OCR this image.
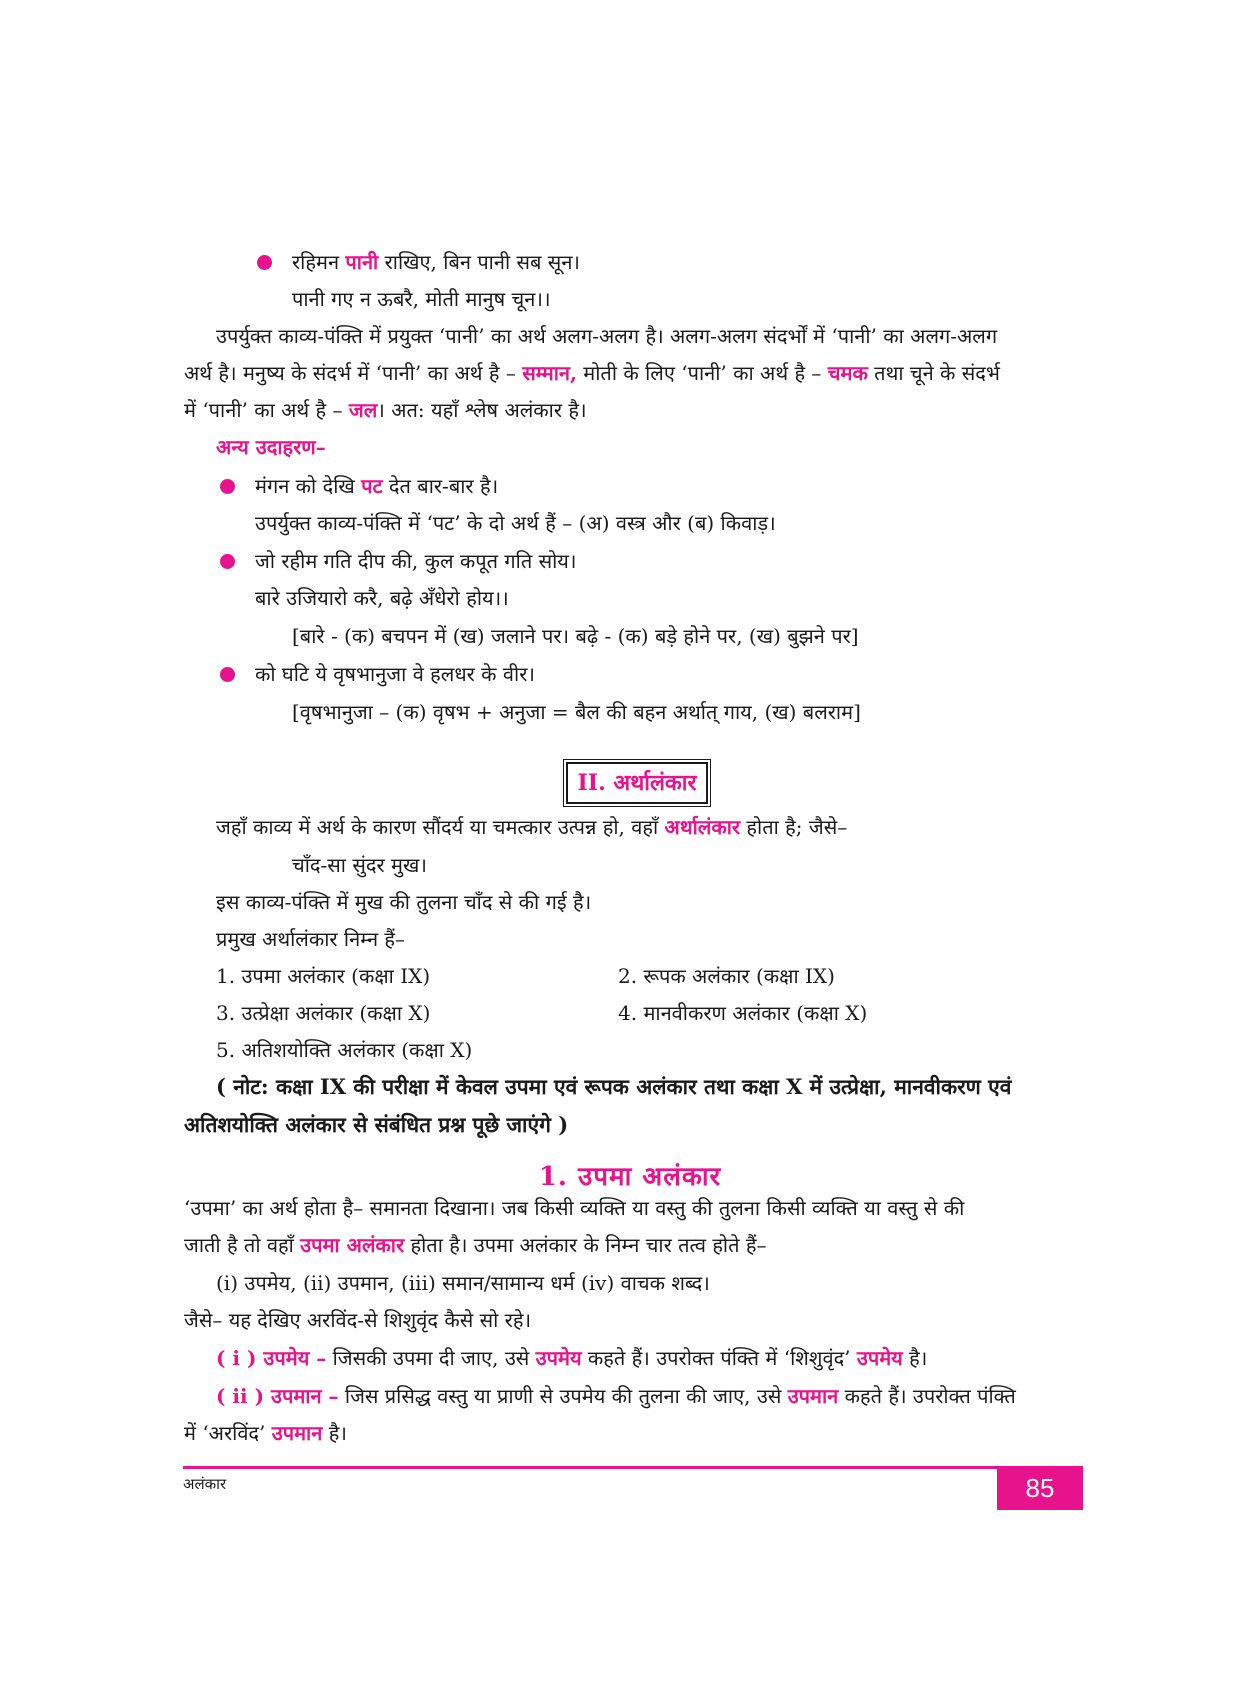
रहिमन पानी राखिए, बिन पानी सब सून।
पानी गए न ऊबरै, मोती मानुष चून।।
उपर्युक्त काव्य-पंक्ति में प्रयुक्त ‘पानी’ का अर्थ अलग-अलग है। अलग-अलग संदर्भों में ‘पानी’ का अलग-अलग
अर्थ है। मनुष्य के संदर्भ में ‘पानी’ का अर्थ है – सम्मान, मोती के लिए ‘पानी’ का अर्थ है – चमक तथा चूने के संदर्भ
में ‘पानी’ का अर्थ है – जल। अत: यहाँ श्लेष अलंकार है।
अन्य उदाहरण–
मंगन को देखि पट देत बार-बार है।
उपर्युक्त काव्य-पंक्ति में ‘पट’ के दो अर्थ हैं – (अ) वस्त्र और (ब) किवाड़।
जो रहीम गति दीप की, कुल कपूत गति सोय।
बारे उजियारो करै, बढ़े अँधेरो होय।।
[बारे - (क) बचपन में (ख) जलाने पर। बढ़े - (क) बड़े होने पर, (ख) बुझने पर]
को घटि ये वृषभानुजा वे हलधर के वीर।
[वृषभानुजा – (क) वृषभ + अनुजा = बैल की बहन अर्थात् गाय, (ख) बलराम]
II. अर्थालंकार
जहाँ काव्य में अर्थ के कारण सौंदर्य या चमत्कार उत्पन्न हो, वहाँ अर्थालंकार होता है; जैसे–
चाँद-सा सुंदर मुख।
इस काव्य-पंक्ति में मुख की तुलना चाँद से की गई है।
प्रमुख अर्थालंकार निम्न हैं–
1. उपमा अलंकार (कक्षा IX)	2. रूपक अलंकार (कक्षा IX)
3. उत्प्रेक्षा अलंकार (कक्षा X)	4. मानवीकरण अलंकार (कक्षा X)
5. अतिशयोक्ति अलंकार (कक्षा X)
( नोट: कक्षा IX की परीक्षा में केवल उपमा एवं रूपक अलंकार तथा कक्षा X में उत्प्रेक्षा, मानवीकरण एवं
अतिशयोक्ति अलंकार से संबंधित प्रश्न पूछे जाएंगे )
1. उपमा अलंकार
‘उपमा’ का अर्थ होता है– समानता दिखाना। जब किसी व्यक्ति या वस्तु की तुलना किसी व्यक्ति या वस्तु से की
जाती है तो वहाँ उपमा अलंकार होता है। उपमा अलंकार के निम्न चार तत्व होते हैं–
(i) उपमेय, (ii) उपमान, (iii) समान/सामान्य धर्म (iv) वाचक शब्द।
जैसे– यह देखिए अरविंद-से शिशुवृंद कैसे सो रहे।
( i ) उपमेय – जिसकी उपमा दी जाए, उसे उपमेय कहते हैं। उपरोक्त पंक्ति में ‘शिशुवृंद’ उपमेय है।
( ii ) उपमान – जिस प्रसिद्ध वस्तु या प्राणी से उपमेय की तुलना की जाए, उसे उपमान कहते हैं। उपरोक्त पंक्ति
में ‘अरविंद’ उपमान है।
अलंकार	85
